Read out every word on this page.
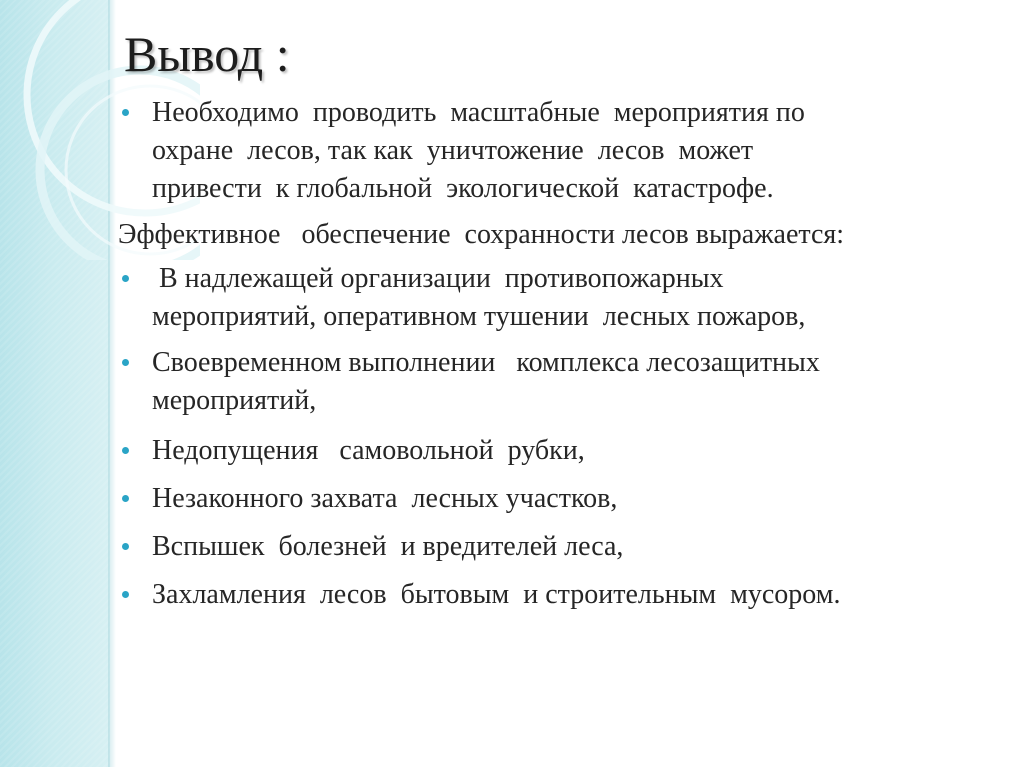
Вывод :
Необходимо  проводить  масштабные  мероприятия по
охране  лесов, так как  уничтожение  лесов  может
привести  к глобальной  экологической  катастрофе.
Эффективное   обеспечение  сохранности лесов выражается:
В надлежащей организации  противопожарных
мероприятий, оперативном тушении  лесных пожаров,
Своевременном выполнении   комплекса лесозащитных
мероприятий,
Недопущения   самовольной  рубки,
Незаконного захвата  лесных участков,
Вспышек  болезней  и вредителей леса,
Захламления  лесов  бытовым  и строительным  мусором.
